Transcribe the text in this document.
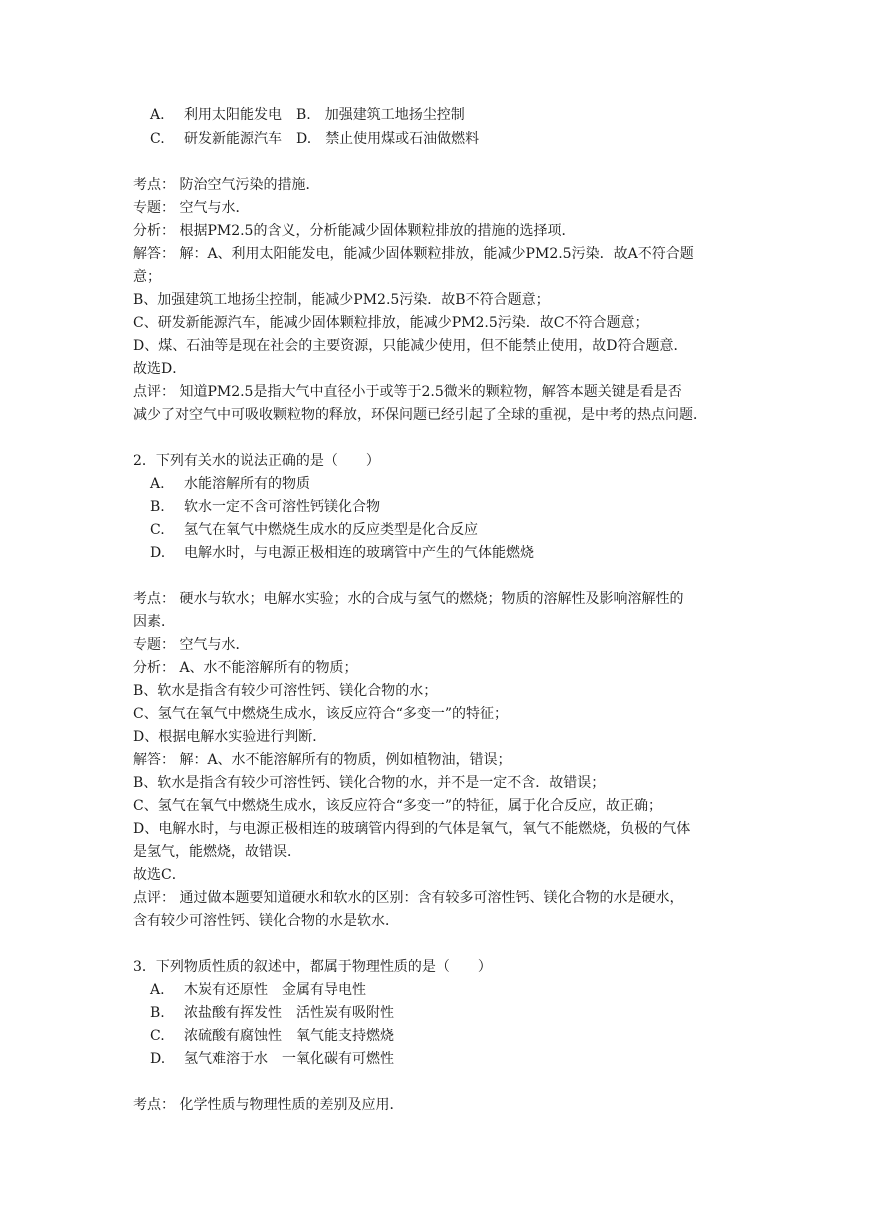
A. 利用太阳能发电 B. 加强建筑工地扬尘控制
C. 研发新能源汽车 D. 禁止使用煤或石油做燃料
考点： 防治空气污染的措施．
专题： 空气与水．
分析： 根据PM2.5的含义，分析能减少固体颗粒排放的措施的选择项．
解答： 解：A、利用太阳能发电，能减少固体颗粒排放，能减少PM2.5污染．故A不符合题
意；
B、加强建筑工地扬尘控制，能减少PM2.5污染．故B不符合题意；
C、研发新能源汽车，能减少固体颗粒排放，能减少PM2.5污染．故C不符合题意；
D、煤、石油等是现在社会的主要资源，只能减少使用，但不能禁止使用，故D符合题意．
故选D．
点评： 知道PM2.5是指大气中直径小于或等于2.5微米的颗粒物，解答本题关键是看是否
减少了对空气中可吸收颗粒物的释放，环保问题已经引起了全球的重视，是中考的热点问题．
2．下列有关水的说法正确的是（　　）
A. 水能溶解所有的物质
B. 软水一定不含可溶性钙镁化合物
C. 氢气在氧气中燃烧生成水的反应类型是化合反应
D. 电解水时，与电源正极相连的玻璃管中产生的气体能燃烧
考点： 硬水与软水；电解水实验；水的合成与氢气的燃烧；物质的溶解性及影响溶解性的
因素．
专题： 空气与水．
分析： A、水不能溶解所有的物质；
B、软水是指含有较少可溶性钙、镁化合物的水；
C、氢气在氧气中燃烧生成水，该反应符合“多变一”的特征；
D、根据电解水实验进行判断．
解答： 解：A、水不能溶解所有的物质，例如植物油，错误；
B、软水是指含有较少可溶性钙、镁化合物的水，并不是一定不含．故错误；
C、氢气在氧气中燃烧生成水，该反应符合“多变一”的特征，属于化合反应，故正确；
D、电解水时，与电源正极相连的玻璃管内得到的气体是氧气，氧气不能燃烧，负极的气体
是氢气，能燃烧，故错误．
故选C．
点评： 通过做本题要知道硬水和软水的区别：含有较多可溶性钙、镁化合物的水是硬水，
含有较少可溶性钙、镁化合物的水是软水．
3．下列物质性质的叙述中，都属于物理性质的是（　　）
A. 木炭有还原性　金属有导电性
B. 浓盐酸有挥发性　活性炭有吸附性
C. 浓硫酸有腐蚀性　氧气能支持燃烧
D. 氢气难溶于水　一氧化碳有可燃性
考点： 化学性质与物理性质的差别及应用．
